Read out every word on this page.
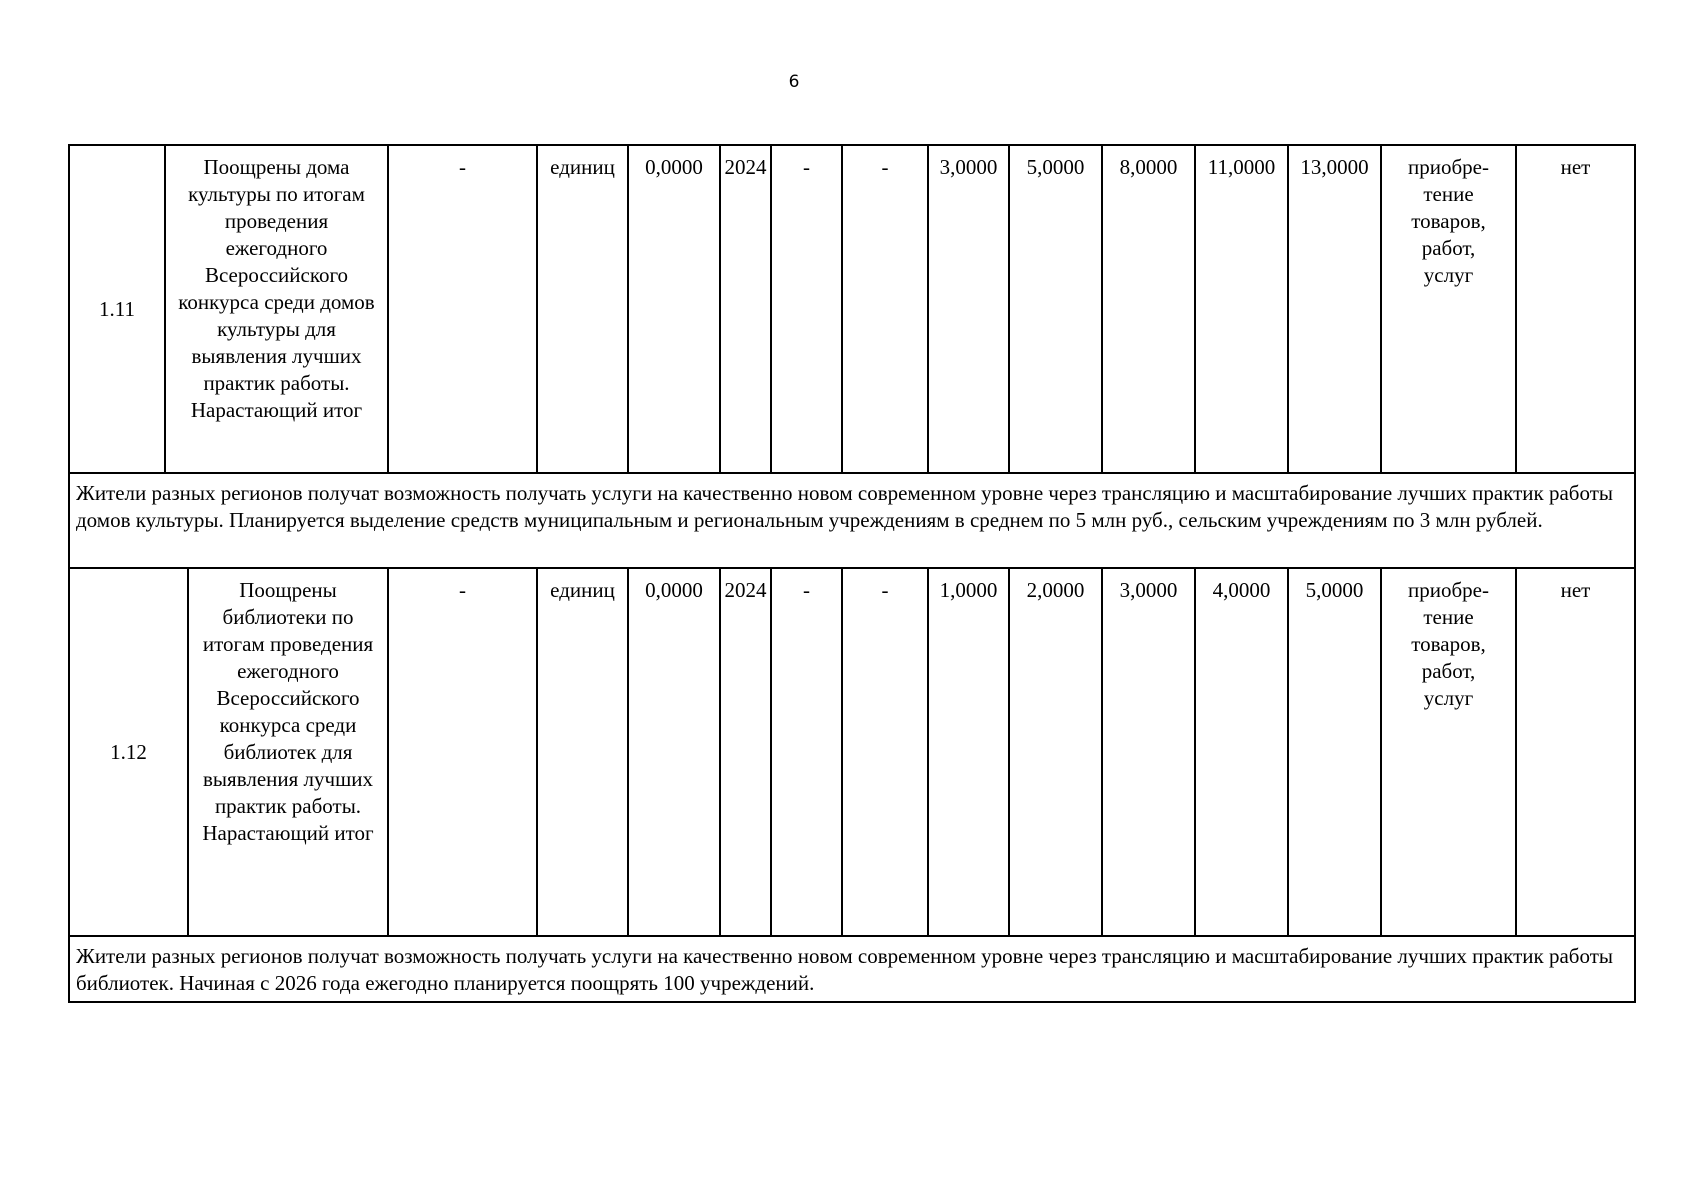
6
1.11	Поощрены дома культуры по итогам проведения ежегодного Всероссийского конкурса среди домов культуры для выявления лучших практик работы. Нарастающий итог		-	единиц	0,0000	2024	-	-	3,0000	5,0000	8,0000	11,0000	13,0000	приобре-тение товаров, работ, услуг	нет
Жители разных регионов получат возможность получать услуги на качественно новом современном уровне через трансляцию и масштабирование лучших практик работы домов культуры. Планируется выделение средств муниципальным и региональным учреждениям в среднем по 5 млн руб., сельским учреждениям по 3 млн рублей.															
1.12		Поощрены библиотеки по итогам проведения ежегодного Всероссийского конкурса среди библиотек для выявления лучших практик работы. Нарастающий итог	-	единиц	0,0000	2024	-	-	1,0000	2,0000	3,0000	4,0000	5,0000	приобре-тение товаров, работ, услуг	нет
Жители разных регионов получат возможность получать услуги на качественно новом современном уровне через трансляцию и масштабирование лучших практик работы библиотек. Начиная с 2026 года ежегодно планируется поощрять 100 учреждений.															
